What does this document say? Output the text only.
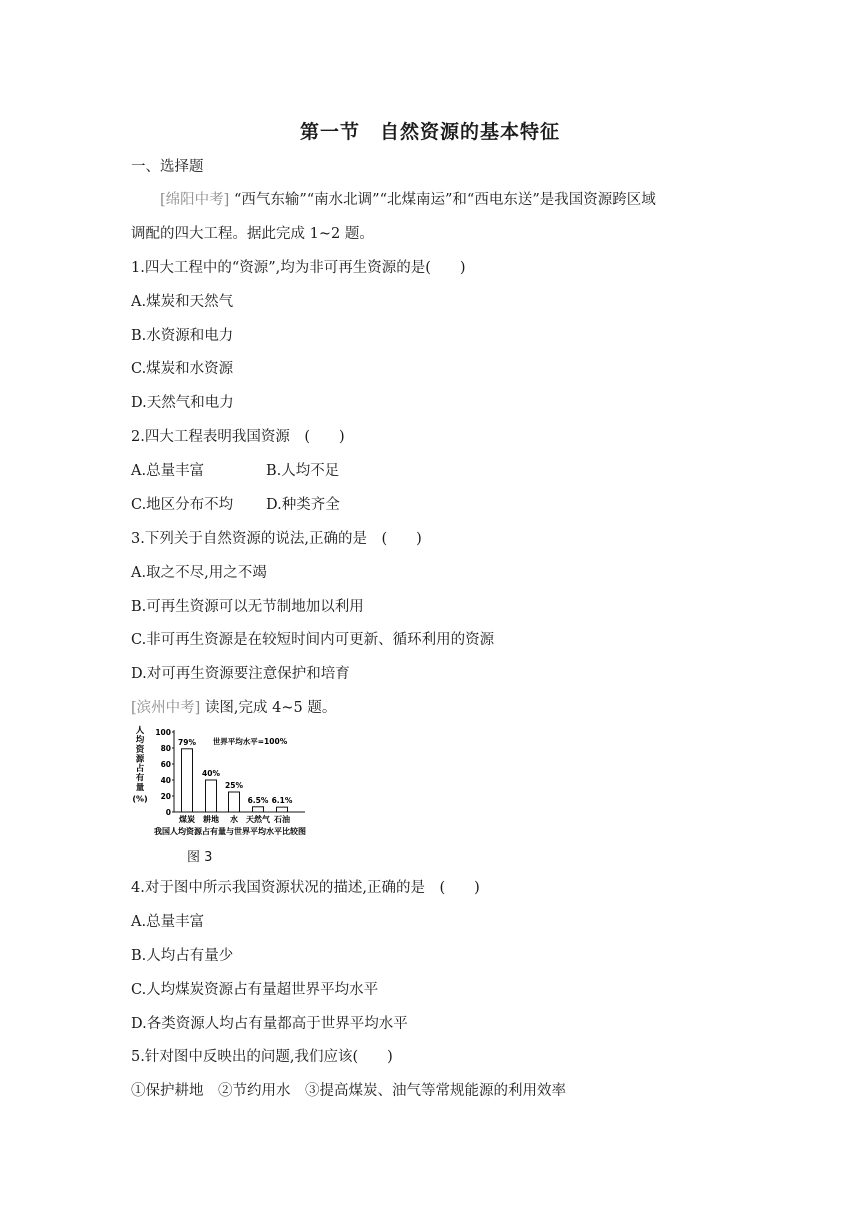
第一节　自然资源的基本特征
一、选择题
[绵阳中考] “西气东输”“南水北调”“北煤南运”和“西电东送”是我国资源跨区域
调配的四大工程。据此完成 1~2 题。
1.四大工程中的“资源”,均为非可再生资源的是(　　)
A.煤炭和天然气
B.水资源和电力
C.煤炭和水资源
D.天然气和电力
2.四大工程表明我国资源　(　　)
A.总量丰富	B.人均不足
C.地区分布不均 D.种类齐全
3.下列关于自然资源的说法,正确的是　(　　)
A.取之不尽,用之不竭
B.可再生资源可以无节制地加以利用
C.非可再生资源是在较短时间内可更新、循环利用的资源
D.对可再生资源要注意保护和培育
[滨州中考] 读图,完成 4~5 题。
人
均
资
源
占
有
量
(%)
0
20
40
60
80
100
79%
煤炭
40%
耕地
25%
水
6.5%
天然气
6.1%
石油
世界平均水平=100%
我国人均资源占有量与世界平均水平比较图
图 3
4.对于图中所示我国资源状况的描述,正确的是　(　　)
A.总量丰富
B.人均占有量少
C.人均煤炭资源占有量超世界平均水平
D.各类资源人均占有量都高于世界平均水平
5.针对图中反映出的问题,我们应该(　　)
①保护耕地　②节约用水　③提高煤炭、油气等常规能源的利用效率
